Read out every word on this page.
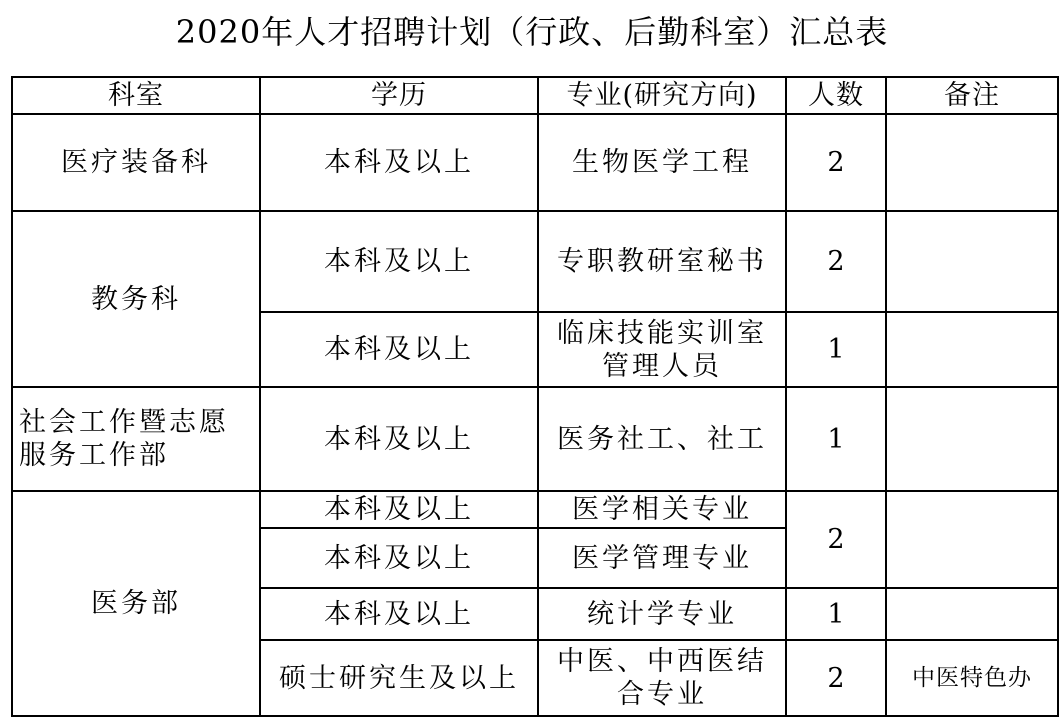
2020年人才招聘计划（行政、后勤科室）汇总表
科室	学历	专业(研究方向)	人数	备注
医疗装备科	本科及以上	生物医学工程	2	
教务科	本科及以上	专职教研室秘书	2	
	本科及以上	临床技能实训室
管理人员	1	

社会工作暨志愿
服务工作部	本科及以上	医务社工、社工	1	
医务部	本科及以上	医学相关专业	2	
	本科及以上	医学管理专业		
	本科及以上	统计学专业	1	
	硕士研究生及以上	中医、中西医结
合专业	2	中医特色办
